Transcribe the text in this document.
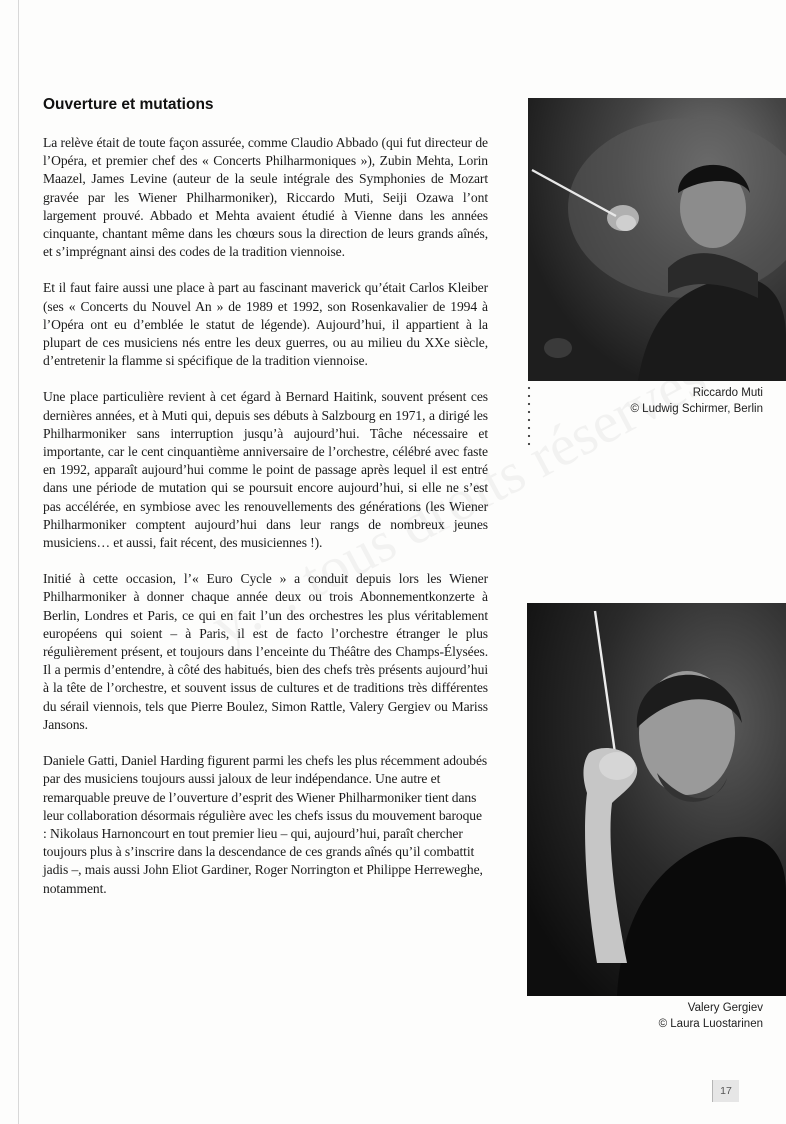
Ouverture et mutations

La relève était de toute façon assurée, comme Claudio Abbado (qui fut directeur de l’Opéra, et premier chef des « Concerts Philharmoniques »), Zubin Mehta, Lorin Maazel, James Levine (auteur de la seule intégrale des Symphonies de Mozart gravée par les Wiener Philharmoniker), Riccardo Muti, Seiji Ozawa l’ont largement prouvé. Abbado et Mehta avaient étudié à Vienne dans les années cinquante, chantant même dans les chœurs sous la direction de leurs grands aînés, et s’imprégnant ainsi des codes de la tradition viennoise.

Et il faut faire aussi une place à part au fascinant maverick qu’était Carlos Kleiber (ses « Concerts du Nouvel An » de 1989 et 1992, son Rosenkavalier de 1994 à l’Opéra ont eu d’emblée le statut de légende). Aujourd’hui, il appartient à la plupart de ces musiciens nés entre les deux guerres, ou au milieu du XXe siècle, d’entretenir la flamme si spécifique de la tradition viennoise.

Une place particulière revient à cet égard à Bernard Haitink, souvent présent ces dernières années, et à Muti qui, depuis ses débuts à Salzbourg en 1971, a dirigé les Philharmoniker sans interruption jusqu’à aujourd’hui. Tâche nécessaire et importante, car le cent cinquantième anniversaire de l’orchestre, célébré avec faste en 1992, apparaît aujourd’hui comme le point de passage après lequel il est entré dans une période de mutation qui se poursuit encore aujourd’hui, si elle ne s’est pas accélérée, en symbiose avec les renouvellements des générations (les Wiener Philharmoniker comptent aujourd’hui dans leur rangs de nombreux jeunes musiciens… et aussi, fait récent, des musiciennes !).

Initié à cette occasion, l’« Euro Cycle » a conduit depuis lors les Wiener Philharmoniker à donner chaque année deux ou trois Abonnementkonzerte à Berlin, Londres et Paris, ce qui en fait l’un des orchestres les plus véritablement européens qui soient – à Paris, il est de facto l’orchestre étranger le plus régulièrement présent, et toujours dans l’enceinte du Théâtre des Champs-Élysées. Il a permis d’entendre, à côté des habitués, bien des chefs très présents aujourd’hui à la tête de l’orchestre, et souvent issus de cultures et de traditions très différentes du sérail viennois, tels que Pierre Boulez, Simon Rattle, Valery Gergiev ou Mariss Jansons.

Daniele Gatti, Daniel Harding figurent parmi les chefs les plus récemment adoubés par des musiciens toujours aussi jaloux de leur indépendance. Une autre et remarquable preuve de l’ouverture d’esprit des Wiener Philharmoniker tient dans leur collaboration désormais régulière avec les chefs issus du mouvement baroque : Nikolaus Harnoncourt en tout premier lieu – qui, aujourd’hui, paraît chercher toujours plus à s’inscrire dans la descendance de ces grands aînés qu’il combattit jadis –, mais aussi John Eliot Gardiner, Roger Norrington et Philippe Herreweghe, notamment.

Riccardo Muti
© Ludwig Schirmer, Berlin
Valery Gergiev
© Laura Luostarinen
17
